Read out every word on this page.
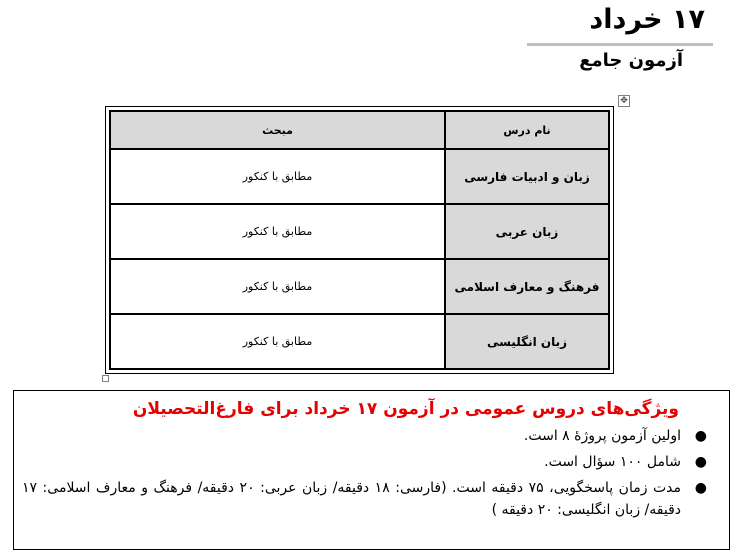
۱۷ خرداد
آزمون جامع
✥
نام درس	مبحث
زبان و ادبیات فارسی	مطابق با کنکور
زبان عربی	مطابق با کنکور
فرهنگ و معارف اسلامی	مطابق با کنکور
زبان انگلیسی	مطابق با کنکور
ویژگی‌های دروس عمومی در آزمون ۱۷ خرداد برای فارغ‌التحصیلان
●
اولین آزمون پروژۀ ۸ است.
●
شامل ۱۰۰ سؤال است.
●
مدت زمان پاسخگویی، ۷۵ دقیقه است. (فارسی: ۱۸ دقیقه/ زبان عربی: ۲۰ دقیقه/ فرهنگ و معارف اسلامی: ۱۷ دقیقه/ زبان انگلیسی: ۲۰ دقیقه )
